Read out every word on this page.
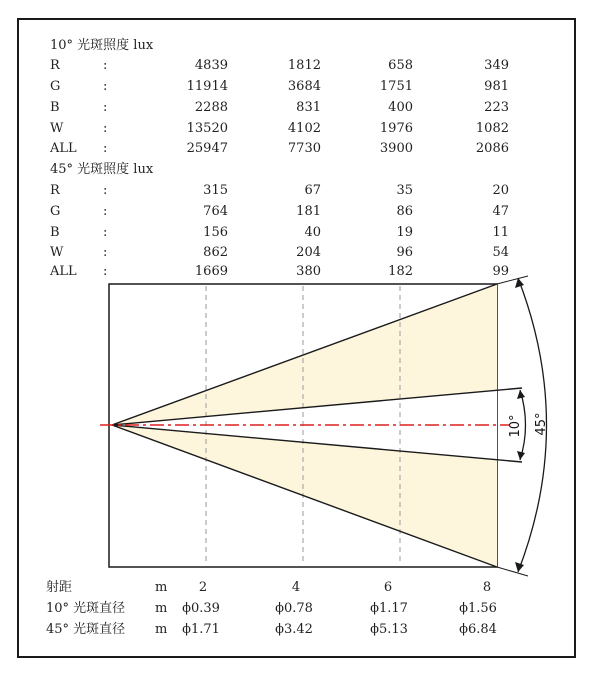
10° 光斑照度 lux
R	:	4839	1812	658	349
G	:	11914	3684	1751	981
B	:	2288	831	400	223
W	:	13520	4102	1976	1082
ALL :	25947	7730	3900	2086
45° 光斑照度 lux
R	:	315	67	35	20
G	:	764	181	86	47
B	:	156	40	19	11
W	:	862	204	96	54
ALL :	1669	380	182	99
10° 45°
射距	m	2	4	6	8
10° 光斑直径 m	ϕ0.39	ϕ0.78	ϕ1.17	ϕ1.56
45° 光斑直径 m	ϕ1.71	ϕ3.42	ϕ5.13	ϕ6.84
